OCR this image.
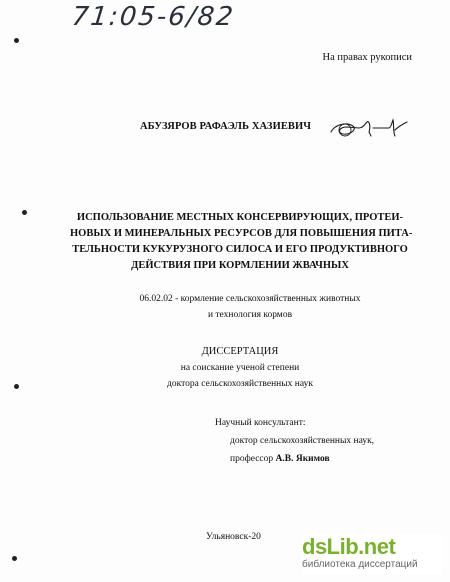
71:05-6/82
На правах рукописи
АБУЗЯРОВ РАФАЭЛЬ ХАЗИЕВИЧ
ИСПОЛЬЗОВАНИЕ МЕСТНЫХ КОНСЕРВИРУЮЩИХ, ПРОТЕИ-
НОВЫХ И МИНЕРАЛЬНЫХ РЕСУРСОВ ДЛЯ ПОВЫШЕНИЯ ПИТА-
ТЕЛЬНОСТИ КУКУРУЗНОГО СИЛОСА И ЕГО ПРОДУКТИВНОГО
ДЕЙСТВИЯ ПРИ КОРМЛЕНИИ ЖВАЧНЫХ
06.02.02 - кормление сельскохозяйственных животных
и технология кормов
ДИССЕРТАЦИЯ
на соискание ученой степени
доктора сельскохозяйственных наук
Научный консультант:
доктор сельскохозяйственных наук,
профессор А.В. Якимов
Ульяновск-20 dsLib.net
библиотека диссертаций
